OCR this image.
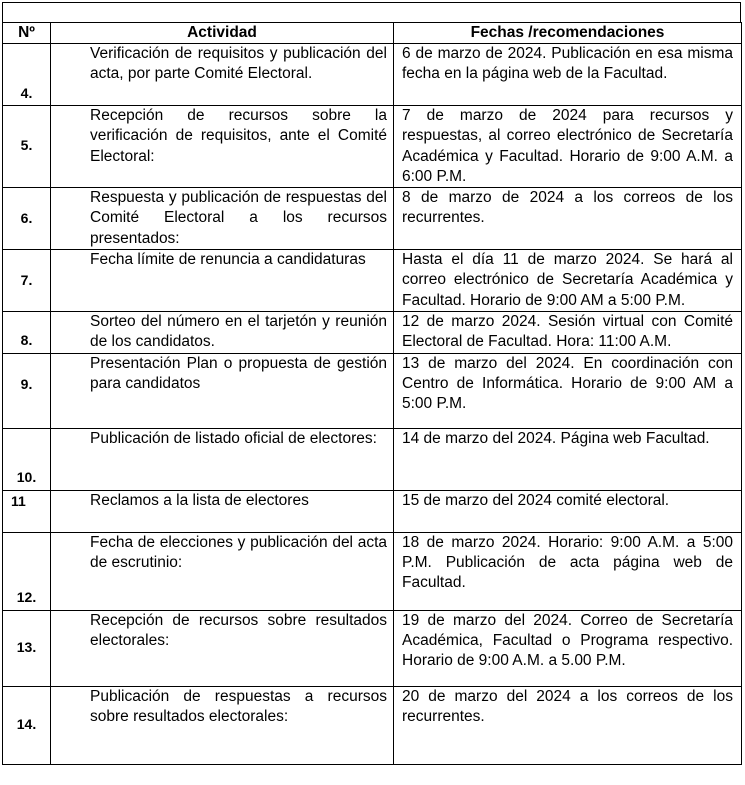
Nº	Actividad	Fechas /recomendaciones
4.	Verificación de requisitos y publicación del acta, por parte Comité Electoral.	6 de marzo de 2024. Publicación en esa misma fecha en la página web de la Facultad.

5.	Recepción de recursos sobre la verificación de requisitos, ante el Comité Electoral:	7 de marzo de 2024 para recursos y respuestas, al correo electrónico de Secretaría Académica y Facultad. Horario de 9:00 A.M. a 6:00 P.M.

6.	Respuesta y publicación de respuestas del Comité Electoral a los recursos presentados:	8 de marzo de 2024 a los correos de los recurrentes.

7.	Fecha límite de renuncia a candidaturas	Hasta el día 11 de marzo 2024. Se hará al correo electrónico de Secretaría Académica y Facultad. Horario de 9:00 AM a 5:00 P.M.

8.	Sorteo del número en el tarjetón y reunión de los candidatos.	12 de marzo 2024. Sesión virtual con Comité Electoral de Facultad. Hora: 11:00 A.M.

9.	Presentación Plan o propuesta de gestión para candidatos	13 de marzo del 2024. En coordinación con Centro de Informática. Horario de 9:00 AM a 5:00 P.M.

10.	Publicación de listado oficial de electores:	14 de marzo del 2024. Página web Facultad.

11	Reclamos a la lista de electores	15 de marzo del 2024 comité electoral.

12.	Fecha de elecciones y publicación del acta de escrutinio:	18 de marzo 2024. Horario: 9:00 A.M. a 5:00 P.M. Publicación de acta página web de Facultad.

13.	Recepción de recursos sobre resultados electorales:	19 de marzo del 2024. Correo de Secretaría Académica, Facultad o Programa respectivo. Horario de 9:00 A.M. a 5.00 P.M.

14.	Publicación de respuestas a recursos sobre resultados electorales:	20 de marzo del 2024 a los correos de los recurrentes.
